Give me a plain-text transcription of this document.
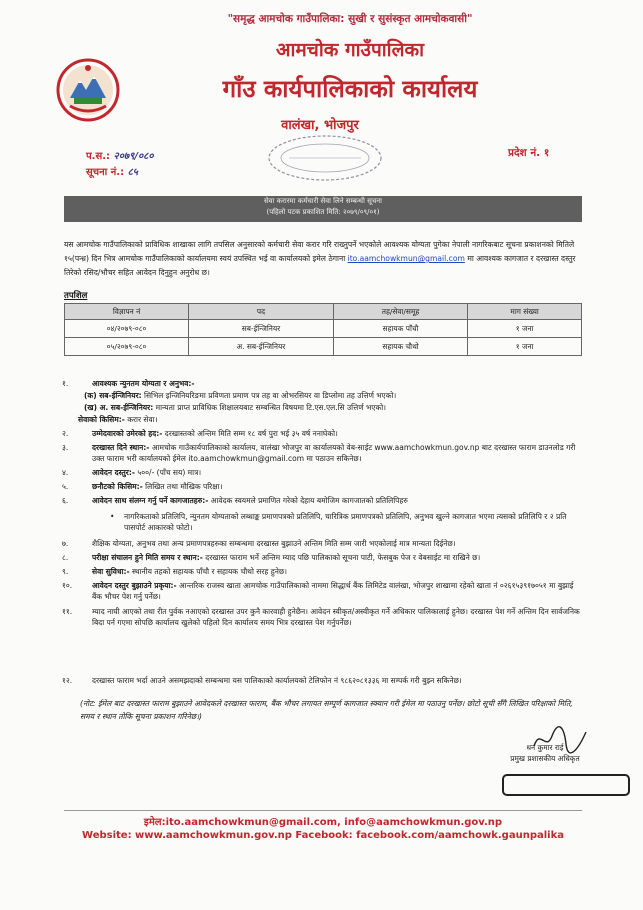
"समृद्ध आमचोक गाउँपालिका: सुखी र सुसंस्कृत आमचोकवासी"
आमचोक गाउँपालिका
गाँउ कार्यपालिकाको कार्यालय
वालंखा, भोजपुर
प.स.: २०७९/०८०
सूचना नं.: ८५
प्रदेश नं. १
सेवा करारमा कर्मचारी सेवा लिने सम्बन्धी सूचना
(पहिलो पटक प्रकाशित मिति: २०७९/०९/०१)
यस आमचोक गाउँपालिकाको प्राविधिक शाखाका लागि तपसिल अनुसारको कर्मचारी सेवा करार गरि राख्नुपर्ने भएकोले आवश्यक योग्यता पुगेका नेपाली नागरिकबाट सूचना प्रकाशनको मितिले १५(पन्ध्र) दिन भित्र आमचोक गाउँपालिकाको कार्यालयमा स्वयं उपस्थित भई वा कार्यालयको इमेल ठेगाना ito.aamchowkmun@gmail.com मा आवश्यक कागजात र दरखास्त दस्तुर तिरेको रसिद/भौचर सहित आवेदन दिनुहुन अनुरोध छ।
तपशिल
विज्ञापन नं	पद	तह/सेवा/समूह	माग संख्या
०४/२०७९-०८०	सब-ईन्जिनियर	सहायक पाँचौ	१ जना
०५/२०७९-०८०	अ. सब-ईन्जिनियर	सहायक चौथो	१ जना
१.	आवश्यक न्युनतम योग्यता र अनुभव:-
(क) सब-ईन्जिनियर: सिभिल इन्जिनियरिङमा प्रविणता प्रमाण पत्र तह वा ओभरसियर वा डिप्लोमा तह उत्तिर्ण भएको।
(ख) अ. सब-ईन्जिनियर: मान्यता प्राप्त प्राविधिक शिक्षालयबाट सम्बन्धित विषयमा टि.एस.एल.सि उत्तिर्ण भएको।
सेवाको किसिम:- करार सेवा।
२.	उम्मेदवारको उमेरको हद:- दरखास्तको अन्तिम मिति सम्म १८ वर्ष पुरा भई ३५ वर्ष ननाघेको।
३.	दरखास्त दिने स्थान:- आमचोक गाउँकार्यपालिकाको कार्यालय, वालंखा भोजपुर वा कार्यालयको वेब-साईट www.aamchowkmun.gov.np बाट दरखास्त फाराम डाउनलोड गरी उक्त फाराम भरी कार्यालयको ईमेल ito.aamchowkmun@gmail.com मा पठाउन सकिनेछ।
४.	आवेदन दस्तुर:- ५००/- (पाँच सय) मात्र।
५.	छनौटको किसिम:- लिखित तथा मौखिक परिक्षा।
६.	आवेदन साथ संलग्न गर्नु पर्ने कागजातहरु:- आवेदक स्वयमले प्रमाणित गरेको देहाय बमोजिम कागजातको प्रतिलिपिहरु
•	नागरिकताको प्रतिलिपि, न्युनतम योग्यताको लब्धाङ्क प्रमाणपत्रको प्रतिलिपि, चारित्रिक प्रमाणपत्रको प्रतिलिपि, अनुभव खुल्ने कागजात भएमा त्यसको प्रतिलिपि र २ प्रति पासपोर्ट आकारको फोटो।
७.	शैक्षिक योग्यता, अनुभव तथा अन्य प्रमाणपत्रहरुका सम्बन्धमा दरखास्त बुझाउने अन्तिम मिति सम्म जारी भएकोलाई मात्र मान्यता दिईनेछ।
८.	परीक्षा संचालन हुने मिति समय र स्थान:- दरखास्त फाराम भर्ने अन्तिम म्याद पछि पालिकाको सूचना पाटी, फेसबुक पेज र वेबसाईट मा राखिने छ।
९.	सेवा सुविधा:- स्थानीय तहको सहायक पाँचौ र सहायक चौथो सरह हुनेछ।
१०.	आवेदन दस्तुर बुझाउने प्रकृया:- आन्तरिक राजस्व खाता आमचोक गाउँपालिकाको नाममा सिद्धार्थ बैंक लिमिटेड वालंखा, भोजपुर शाखामा रहेको खाता नं ०२६१५३९१७०५१ मा बुझाई बैंक भौचर पेश गर्नु पर्नेछ।
११.	म्याद नाघी आएको तथा रीत पुर्वक नआएको दरखास्त उपर कुनै कारवाही हुनेछैन। आवेदन स्वीकृत/अस्वीकृत गर्ने अधिकार पालिकालाई हुनेछ। दरखास्त पेश गर्ने अन्तिम दिन सार्वजनिक बिदा पर्न गएमा सोपछि कार्यालय खुलेको पहिलो दिन कार्यालय समय भित्र दरखास्त पेश गर्नुपर्नेछ।
१२.	दरखास्त फाराम भर्दा आउने असमझदाको सम्बन्धमा यस पालिकाको कार्यालयको टेलिफोन नं ९८६२०८१३३६ मा सम्पर्क गरी बुझ्न सकिनेछ।
(नोट: ईमेल बाट दरखास्त फाराम बुझाउने आवेदकले दरखास्त फाराम, बैंक भौचर लगायत सम्पूर्ण कागजात स्क्यान गरी ईमेल मा पठाउनु पर्नेछ। छोटो सूची सँगै लिखित परिक्षाको मिति, समय र स्थान तोकि सूचना प्रकाशन गरिनेछ।)
धन कुमार राई
प्रमुख प्रशासकीय अधिकृत
इमेल:ito.aamchowkmun@gmail.com, info@aamchowkmun.gov.np
Website: www.aamchowkmun.gov.np Facebook: facebook.com/aamchowk.gaunpalika
